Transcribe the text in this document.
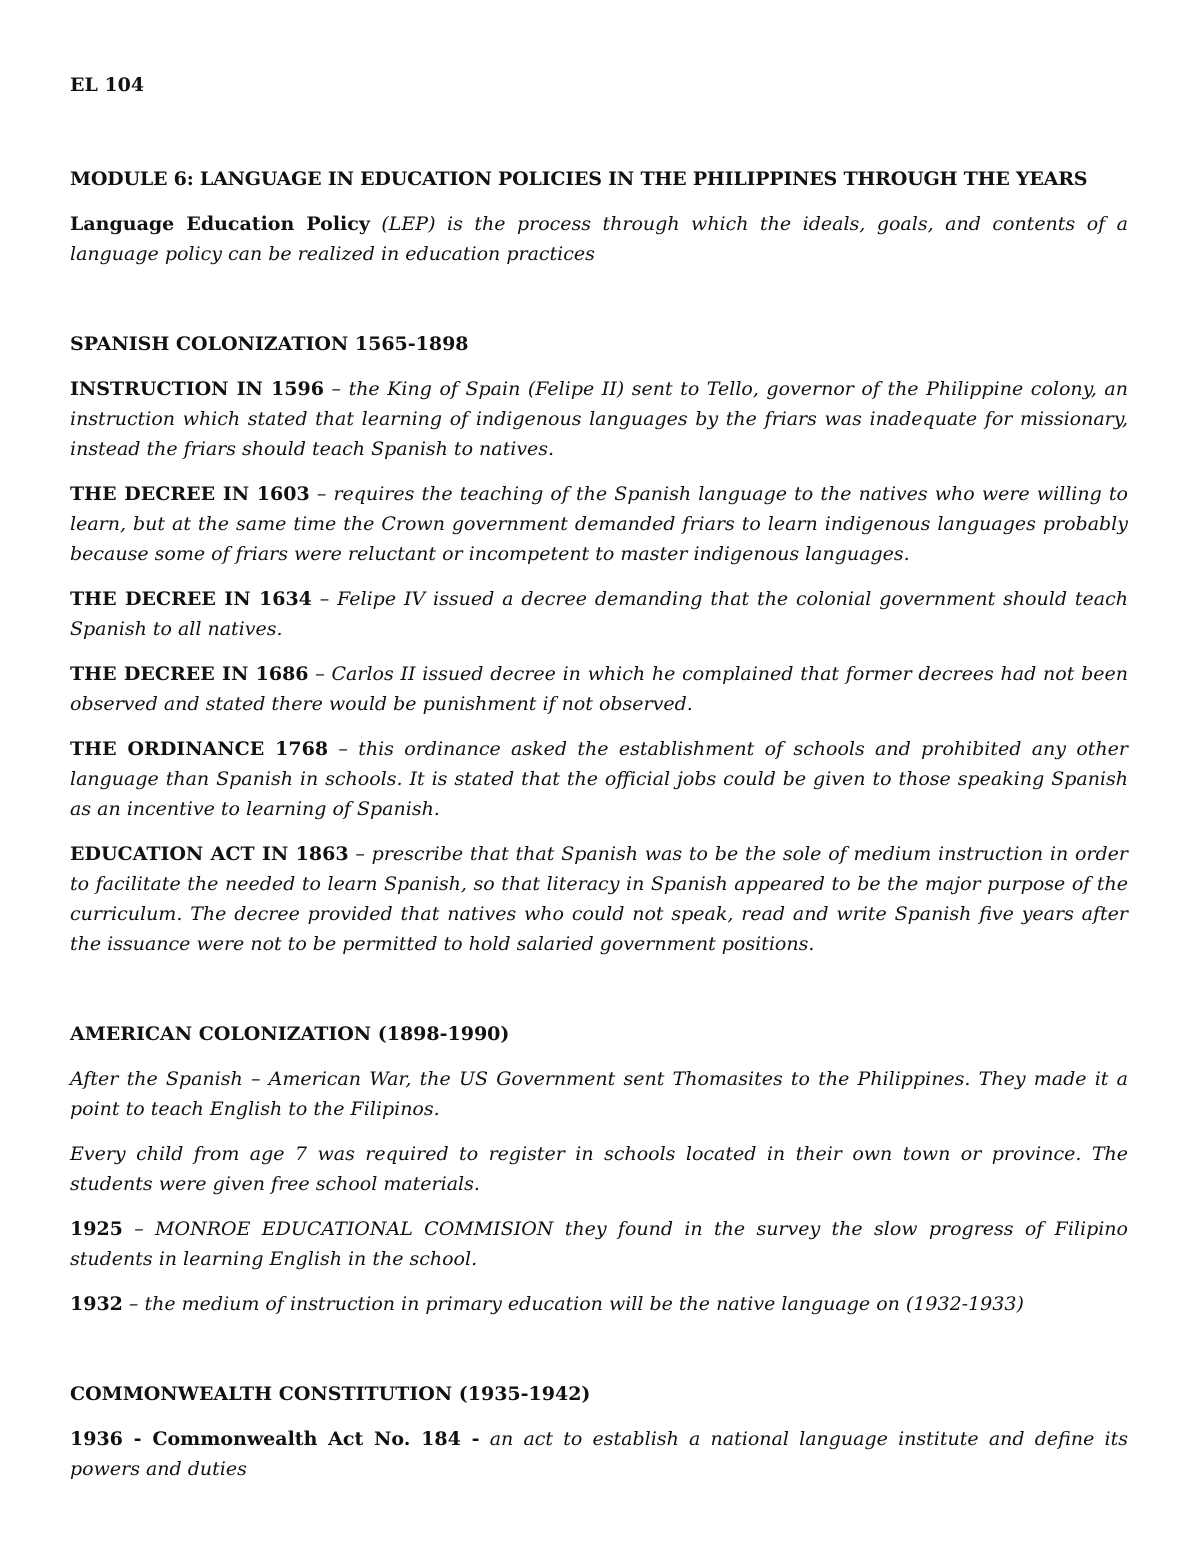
EL 104
MODULE 6: LANGUAGE IN EDUCATION POLICIES IN THE PHILIPPINES THROUGH THE YEARS

Language Education Policy (LEP) is the process through which the ideals, goals, and contents of a language policy can be realized in education practices

SPANISH COLONIZATION 1565-1898
INSTRUCTION IN 1596 – the King of Spain (Felipe II) sent to Tello, governor of the Philippine colony, an instruction which stated that learning of indigenous languages by the friars was inadequate for missionary, instead the friars should teach Spanish to natives.
THE DECREE IN 1603 – requires the teaching of the Spanish language to the natives who were willing to learn, but at the same time the Crown government demanded friars to learn indigenous languages probably because some of friars were reluctant or incompetent to master indigenous languages.
THE DECREE IN 1634 – Felipe IV issued a decree demanding that the colonial government should teach Spanish to all natives.
THE DECREE IN 1686 – Carlos II issued decree in which he complained that former decrees had not been observed and stated there would be punishment if not observed.
THE ORDINANCE 1768 – this ordinance asked the establishment of schools and prohibited any other language than Spanish in schools. It is stated that the official jobs could be given to those speaking Spanish as an incentive to learning of Spanish.
EDUCATION ACT IN 1863 – prescribe that that Spanish was to be the sole of medium instruction in order to facilitate the needed to learn Spanish, so that literacy in Spanish appeared to be the major purpose of the curriculum. The decree provided that natives who could not speak, read and write Spanish five years after the issuance were not to be permitted to hold salaried government positions.
AMERICAN COLONIZATION (1898-1990)
After the Spanish – American War, the US Government sent Thomasites to the Philippines. They made it a point to teach English to the Filipinos.
Every child from age 7 was required to register in schools located in their own town or province. The students were given free school materials.
1925 – MONROE EDUCATIONAL COMMISION they found in the survey the slow progress of Filipino students in learning English in the school.
1932 – the medium of instruction in primary education will be the native language on (1932-1933)
COMMONWEALTH CONSTITUTION (1935-1942)
1936 - Commonwealth Act No. 184 - an act to establish a national language institute and define its powers and duties
